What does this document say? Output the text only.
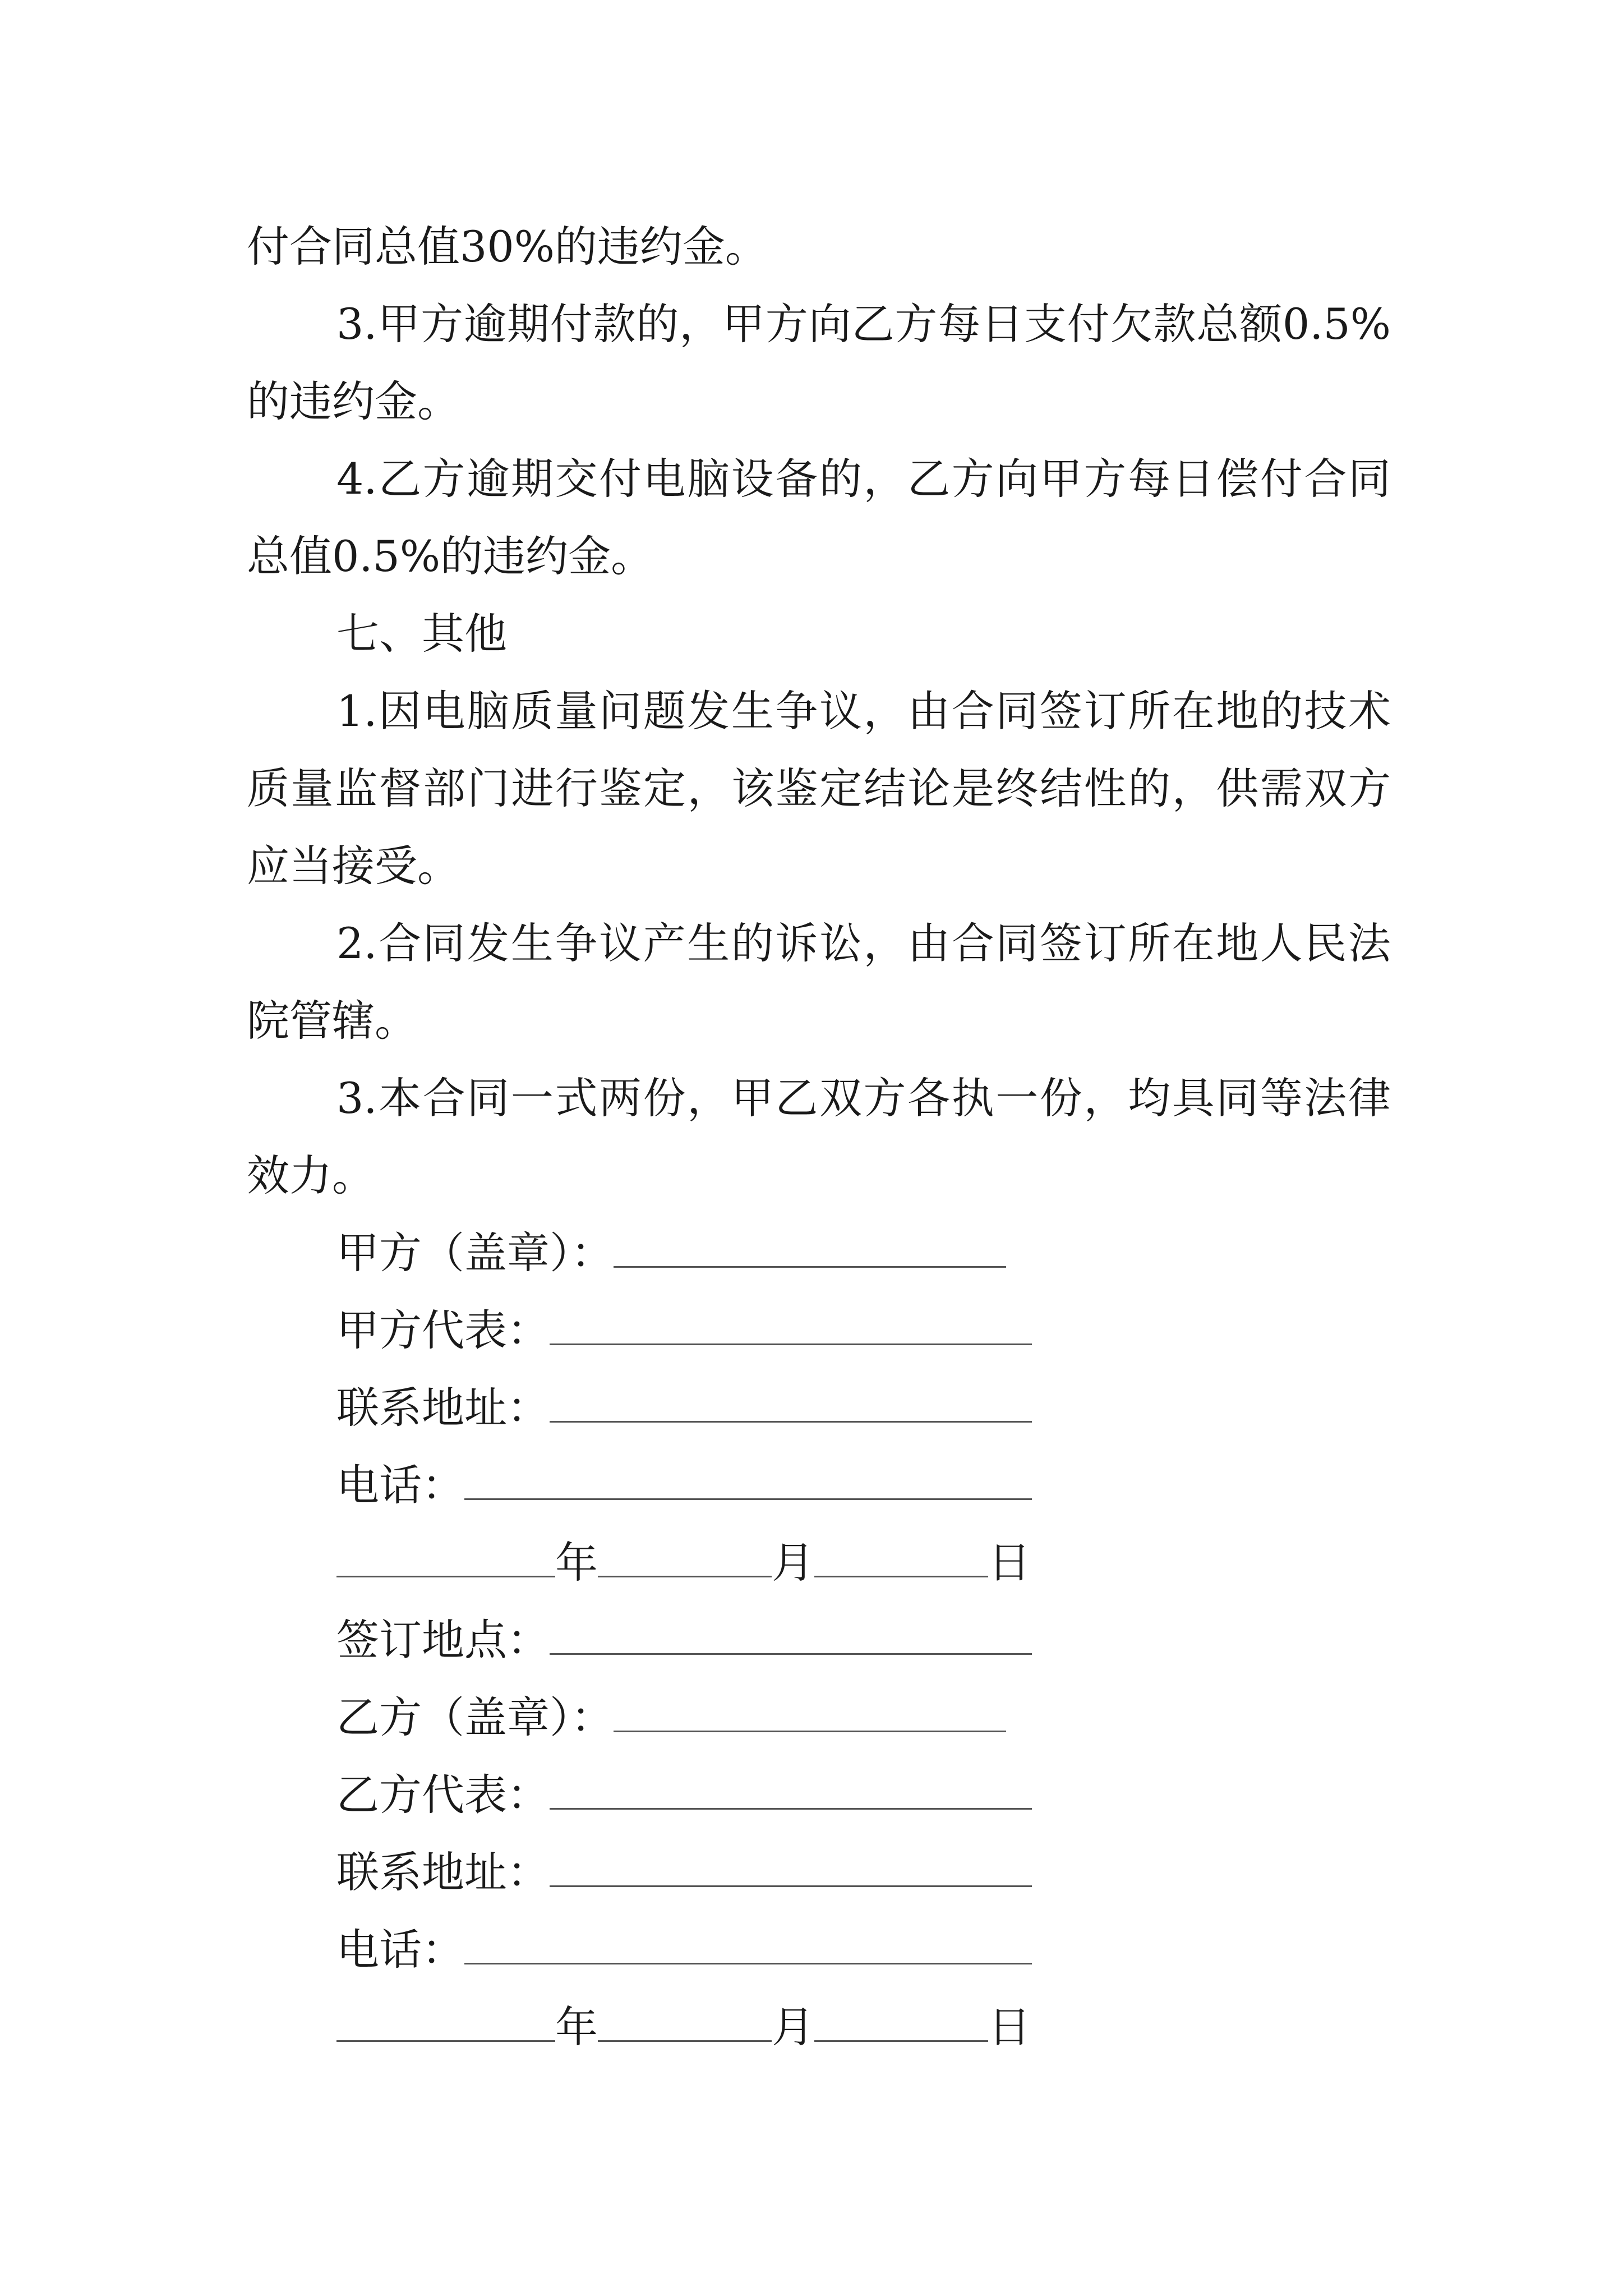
付合同总值30%的违约金。
3.甲方逾期付款的，甲方向乙方每日支付欠款总额0.5%
的违约金。
4.乙方逾期交付电脑设备的，乙方向甲方每日偿付合同
总值0.5%的违约金。
七、其他
1.因电脑质量问题发生争议，由合同签订所在地的技术
质量监督部门进行鉴定，该鉴定结论是终结性的，供需双方
应当接受。
2.合同发生争议产生的诉讼，由合同签订所在地人民法
院管辖。
3.本合同一式两份，甲乙双方各执一份，均具同等法律
效力。
甲方（盖章）：
甲方代表：
联系地址：
电话：
年	月	日
签订地点：
乙方（盖章）：
乙方代表：
联系地址：
电话：
年	月	日
